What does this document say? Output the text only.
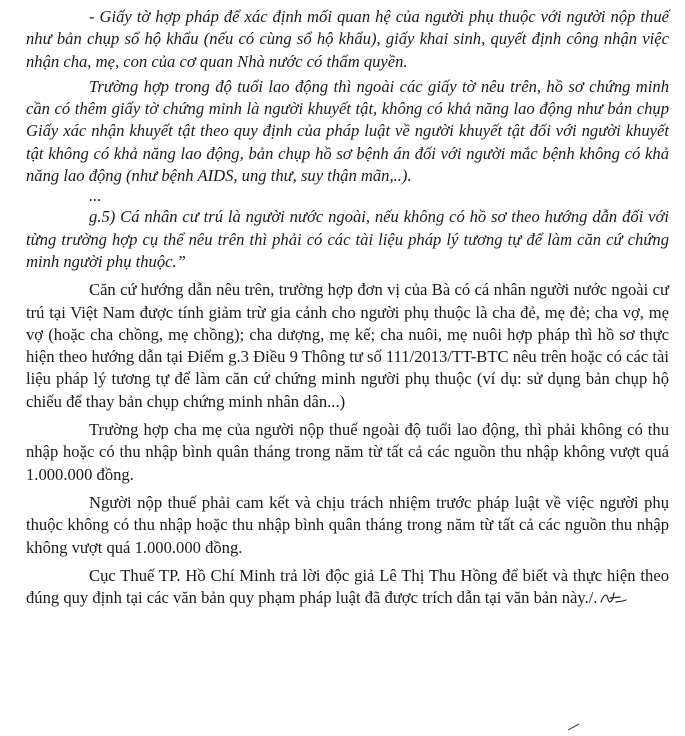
- Giấy tờ hợp pháp để xác định mối quan hệ của người phụ thuộc với người nộp thuế như bản chụp sổ hộ khẩu (nếu có cùng sổ hộ khẩu), giấy khai sinh, quyết định công nhận việc nhận cha, mẹ, con của cơ quan Nhà nước có thẩm quyền.

Trường hợp trong độ tuổi lao động thì ngoài các giấy tờ nêu trên, hồ sơ chứng minh cần có thêm giấy tờ chứng minh là người khuyết tật, không có khả năng lao động như bản chụp Giấy xác nhận khuyết tật theo quy định của pháp luật về người khuyết tật đối với người khuyết tật không có khả năng lao động, bản chụp hồ sơ bệnh án đối với người mắc bệnh không có khả năng lao động (như bệnh AIDS, ung thư, suy thận mãn,..).

...

g.5) Cá nhân cư trú là người nước ngoài, nếu không có hồ sơ theo hướng dẫn đối với từng trường hợp cụ thể nêu trên thì phải có các tài liệu pháp lý tương tự để làm căn cứ chứng minh người phụ thuộc.”

Căn cứ hướng dẫn nêu trên, trường hợp đơn vị của Bà có cá nhân người nước ngoài cư trú tại Việt Nam được tính giảm trừ gia cảnh cho người phụ thuộc là cha đẻ, mẹ đẻ; cha vợ, mẹ vợ (hoặc cha chồng, mẹ chồng); cha dượng, mẹ kế; cha nuôi, mẹ nuôi hợp pháp thì hồ sơ thực hiện theo hướng dẫn tại Điểm g.3 Điều 9 Thông tư số 111/2013/TT-BTC nêu trên hoặc có các tài liệu pháp lý tương tự để làm căn cứ chứng minh người phụ thuộc (ví dụ: sử dụng bản chụp hộ chiếu để thay bản chụp chứng minh nhân dân...)

Trường hợp cha mẹ của người nộp thuế ngoài độ tuổi lao động, thì phải không có thu nhập hoặc có thu nhập bình quân tháng trong năm từ tất cả các nguồn thu nhập không vượt quá 1.000.000 đồng.

Người nộp thuế phải cam kết và chịu trách nhiệm trước pháp luật về việc người phụ thuộc không có thu nhập hoặc thu nhập bình quân tháng trong năm từ tất cả các nguồn thu nhập không vượt quá 1.000.000 đồng.

Cục Thuế TP. Hồ Chí Minh trả lời độc giả Lê Thị Thu Hồng để biết và thực hiện theo đúng quy định tại các văn bản quy phạm pháp luật đã được trích dẫn tại văn bản này./.
